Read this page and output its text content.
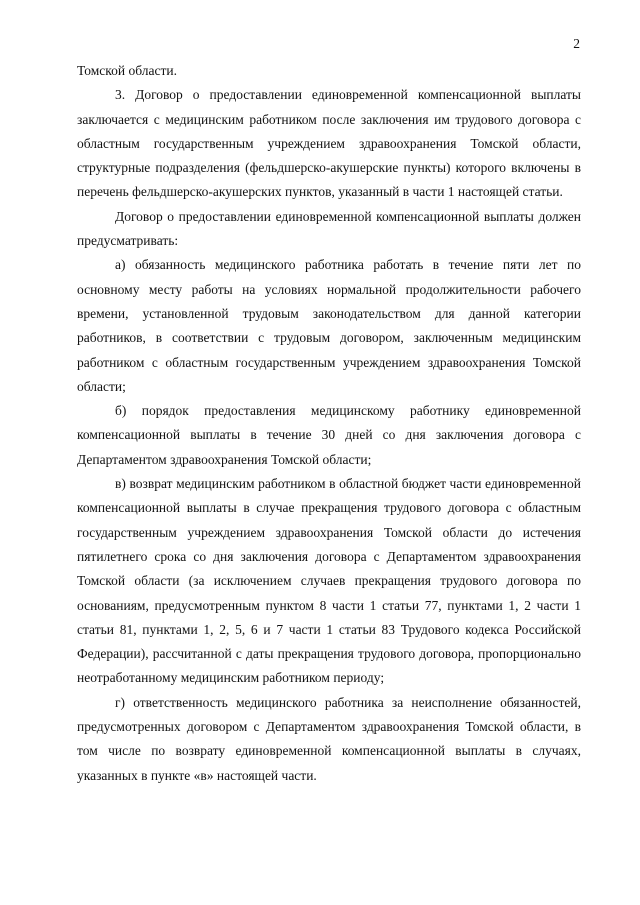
2

Томской области.

3. Договор о предоставлении единовременной компенсационной выплаты заключается с медицинским работником после заключения им трудового договора с областным государственным учреждением здравоохранения Томской области, структурные подразделения (фельдшерско-акушерские пункты) которого включены в перечень фельдшерско-акушерских пунктов, указанный в части 1 настоящей статьи.

Договор о предоставлении единовременной компенсационной выплаты должен предусматривать:

а) обязанность медицинского работника работать в течение пяти лет по основному месту работы на условиях нормальной продолжительности рабочего времени, установленной трудовым законодательством для данной категории работников, в соответствии с трудовым договором, заключенным медицинским работником с областным государственным учреждением здравоохранения Томской области;

б) порядок предоставления медицинскому работнику единовременной компенсационной выплаты в течение 30 дней со дня заключения договора с Департаментом здравоохранения Томской области;

в) возврат медицинским работником в областной бюджет части единовременной компенсационной выплаты в случае прекращения трудового договора с областным государственным учреждением здравоохранения Томской области до истечения пятилетнего срока со дня заключения договора с Департаментом здравоохранения Томской области (за исключением случаев прекращения трудового договора по основаниям, предусмотренным пунктом 8 части 1 статьи 77, пунктами 1, 2 части 1 статьи 81, пунктами 1, 2, 5, 6 и 7 части 1 статьи 83 Трудового кодекса Российской Федерации), рассчитанной с даты прекращения трудового договора, пропорционально неотработанному медицинским работником периоду;

г) ответственность медицинского работника за неисполнение обязанностей, предусмотренных договором с Департаментом здравоохранения Томской области, в том числе по возврату единовременной компенсационной выплаты в случаях, указанных в пункте «в» настоящей части.
